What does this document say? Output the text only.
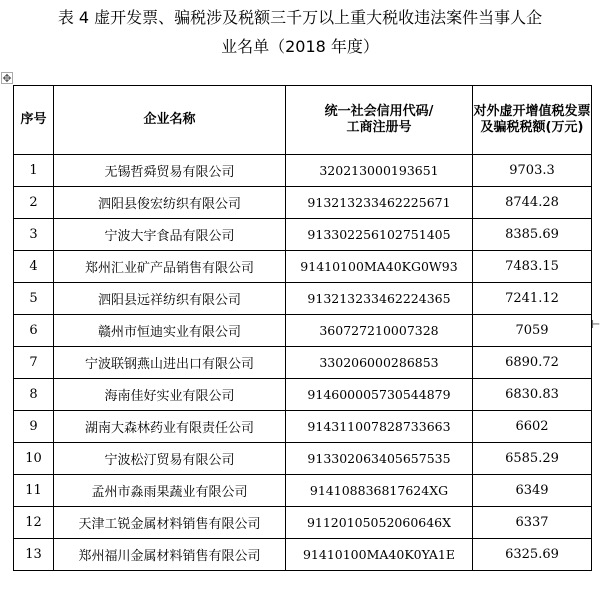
表 4 虚开发票、骗税涉及税额三千万以上重大税收违法案件当事人企
业名单（2018 年度）
✥
⊢
序号	企业名称	统一社会信用代码/
工商注册号	对外虚开增值税发票及骗税税额(万元)
1	无锡哲舜贸易有限公司	320213000193651	9703.3
2	泗阳县俊宏纺织有限公司	913213233462225671	8744.28
3	宁波大宇食品有限公司	913302256102751405	8385.69
4	郑州汇业矿产品销售有限公司	91410100MA40KG0W93	7483.15
5	泗阳县远祥纺织有限公司	913213233462224365	7241.12
6	赣州市恒迪实业有限公司	360727210007328	7059
7	宁波联钢燕山进出口有限公司	330206000286853	6890.72
8	海南佳好实业有限公司	914600005730544879	6830.83
9	湖南大森林药业有限责任公司	914311007828733663	6602
10	宁波松汀贸易有限公司	913302063405657535	6585.29
11	孟州市淼雨果蔬业有限公司	914108836817624XG	6349
12	天津工锐金属材料销售有限公司	91120105052060646X	6337
13	郑州福川金属材料销售有限公司	91410100MA40K0YA1E	6325.69
